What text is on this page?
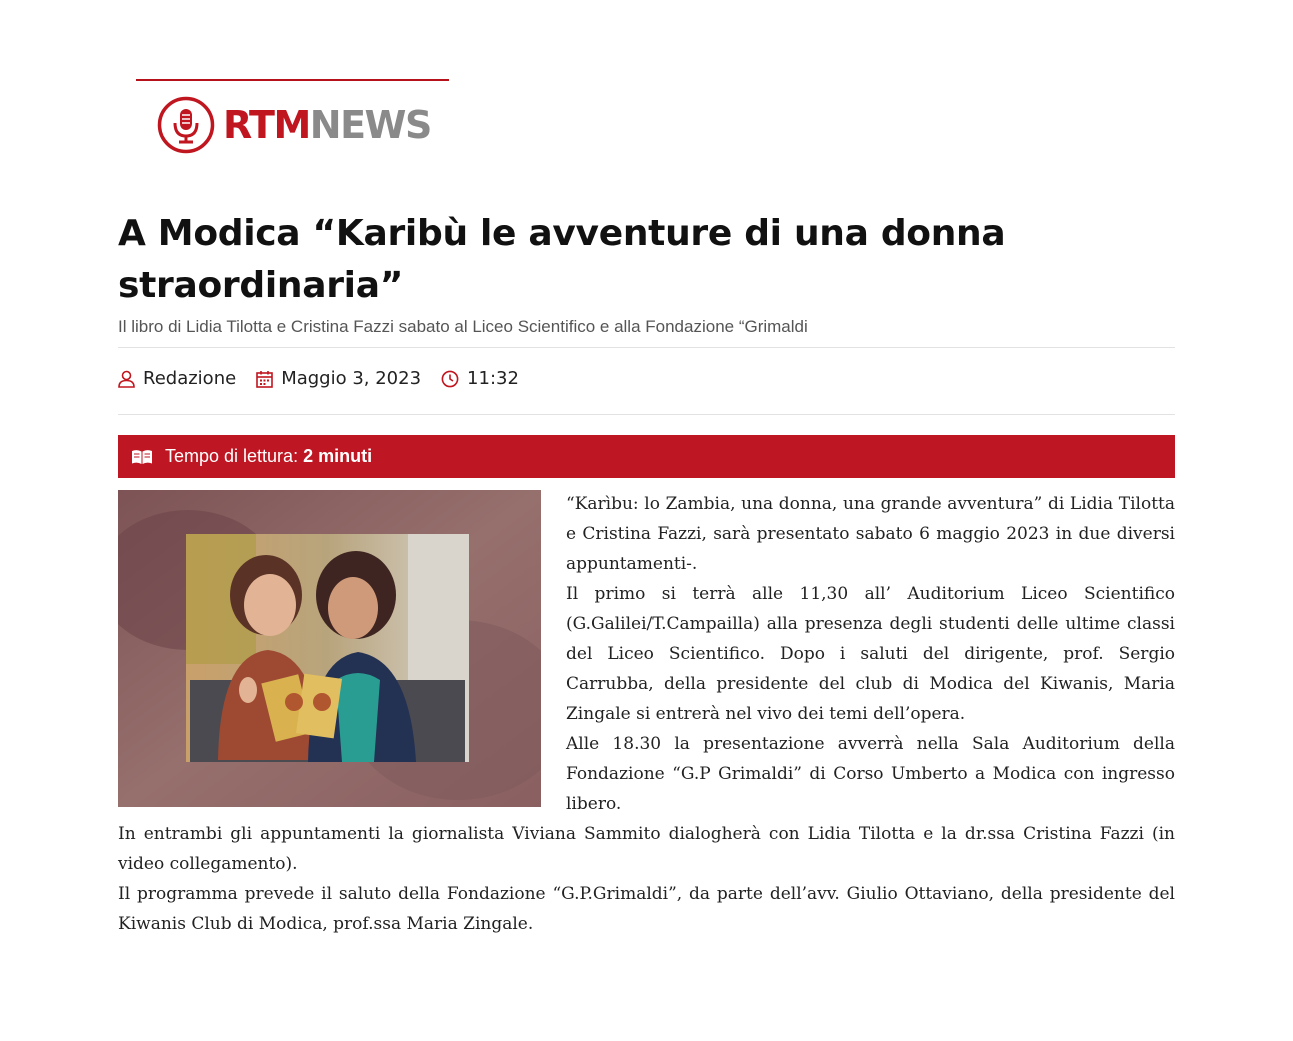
RTMNEWS
A Modica “Karibù le avventure di una donna straordinaria”
Il libro di Lidia Tilotta e Cristina Fazzi sabato al Liceo Scientifico e alla Fondazione “Grimaldi
Redazione	Maggio 3, 2023	11:32
Tempo di lettura: 2 minuti

“Karìbu: lo Zambia, una donna, una grande avventura” di Lidia Tilotta e Cristina Fazzi, sarà presentato sabato 6 maggio 2023 in due diversi appuntamenti-.

Il primo si terrà alle 11,30 all’ Auditorium Liceo Scientifico (G.Galilei/T.Campailla) alla presenza degli studenti delle ultime classi del Liceo Scientifico. Dopo i saluti del dirigente, prof. Sergio Carrubba, della presidente del club di Modica del Kiwanis, Maria Zingale si entrerà nel vivo dei temi dell’opera.

Alle 18.30 la presentazione avverrà nella Sala Auditorium della Fondazione “G.P Grimaldi” di Corso Umberto a Modica con ingresso libero.

In entrambi gli appuntamenti la giornalista Viviana Sammito dialogherà con Lidia Tilotta e la dr.ssa Cristina Fazzi (in video collegamento).

Il programma prevede il saluto della Fondazione “G.P.Grimaldi”, da parte dell’avv. Giulio Ottaviano, della presidente del Kiwanis Club di Modica, prof.ssa Maria Zingale.
